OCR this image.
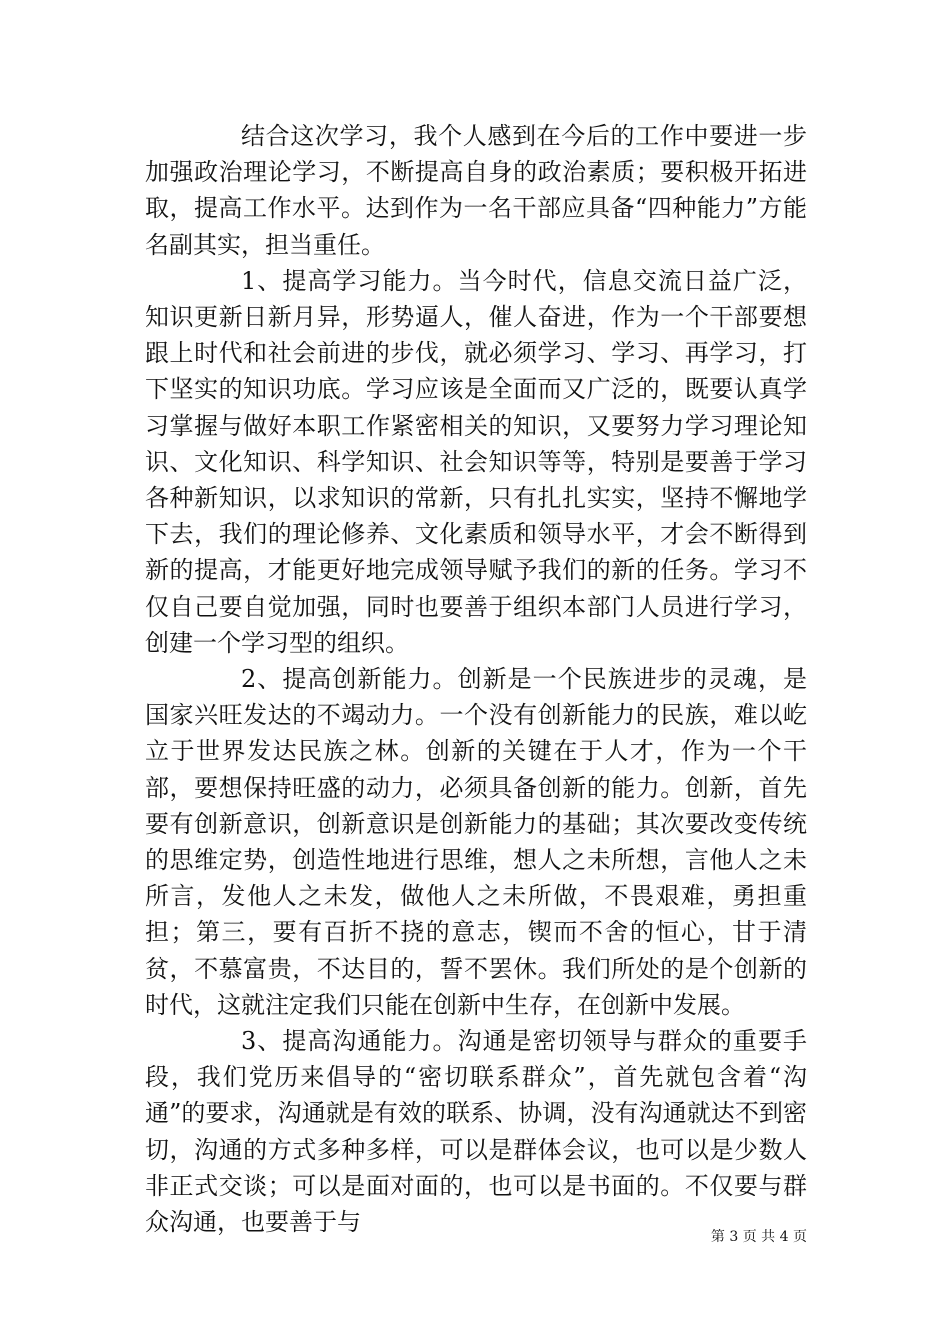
结合这次学习，我个人感到在今后的工作中要进一步加强政治理论学习，不断提高自身的政治素质；要积极开拓进取，提高工作水平。达到作为一名干部应具备“四种能力”方能名副其实，担当重任。

1、提高学习能力。当今时代，信息交流日益广泛，知识更新日新月异，形势逼人，催人奋进，作为一个干部要想跟上时代和社会前进的步伐，就必须学习、学习、再学习，打下坚实的知识功底。学习应该是全面而又广泛的，既要认真学习掌握与做好本职工作紧密相关的知识，又要努力学习理论知识、文化知识、科学知识、社会知识等等，特别是要善于学习各种新知识，以求知识的常新，只有扎扎实实，坚持不懈地学下去，我们的理论修养、文化素质和领导水平，才会不断得到新的提高，才能更好地完成领导赋予我们的新的任务。学习不仅自己要自觉加强，同时也要善于组织本部门人员进行学习，创建一个学习型的组织。

2、提高创新能力。创新是一个民族进步的灵魂，是国家兴旺发达的不竭动力。一个没有创新能力的民族，难以屹立于世界发达民族之林。创新的关键在于人才，作为一个干部，要想保持旺盛的动力，必须具备创新的能力。创新，首先要有创新意识，创新意识是创新能力的基础；其次要改变传统的思维定势，创造性地进行思维，想人之未所想，言他人之未所言，发他人之未发，做他人之未所做，不畏艰难，勇担重担；第三，要有百折不挠的意志，锲而不舍的恒心，甘于清贫，不慕富贵，不达目的，誓不罢休。我们所处的是个创新的时代，这就注定我们只能在创新中生存，在创新中发展。

3、提高沟通能力。沟通是密切领导与群众的重要手段，我们党历来倡导的“密切联系群众”，首先就包含着“沟通”的要求，沟通就是有效的联系、协调，没有沟通就达不到密切，沟通的方式多种多样，可以是群体会议，也可以是少数人非正式交谈；可以是面对面的，也可以是书面的。不仅要与群众沟通，也要善于与

第 3 页 共 4 页
